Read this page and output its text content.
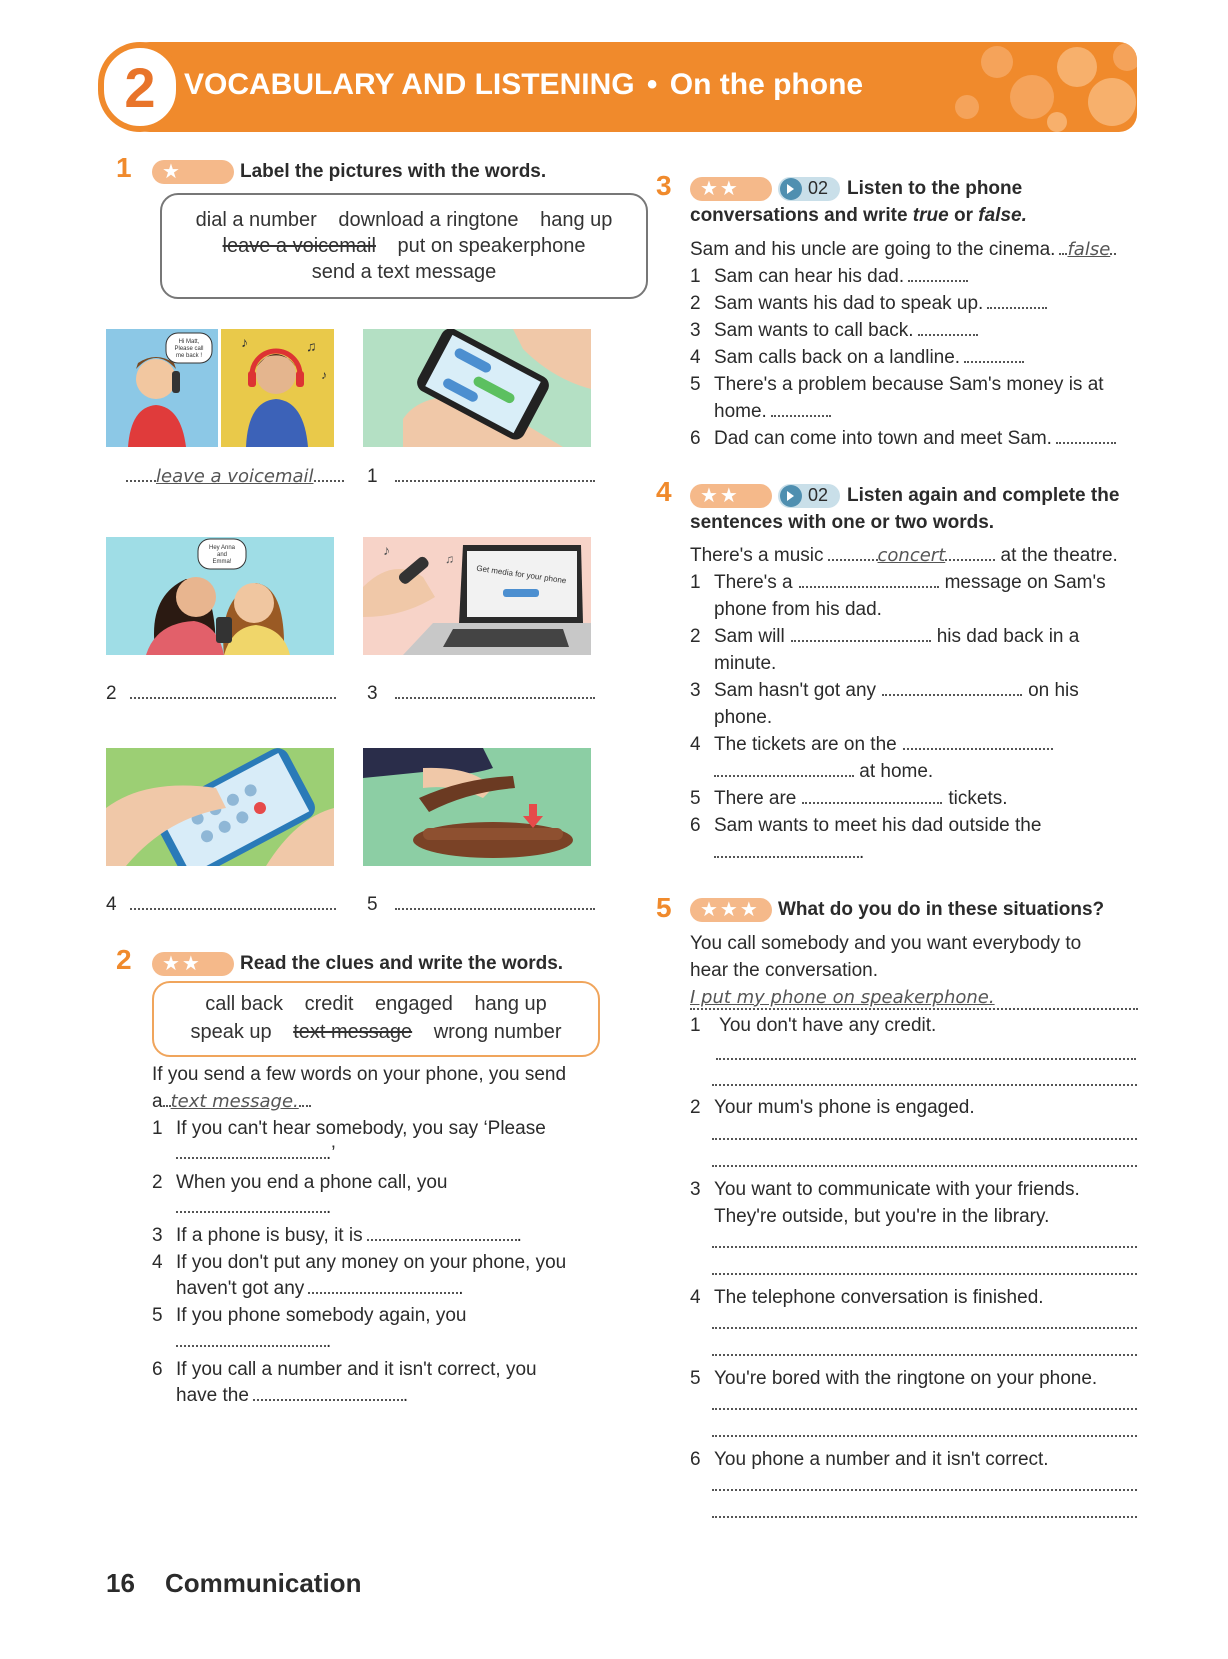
2 VOCABULARY AND LISTENING • On the phone
1	★	Label the pictures with the words.
dial a number download a ringtone hang up
leave a voicemail put on speakerphone
send a text message
♪	♫
♪
Hi Matt,
Please call
me back !
leave a voicemail	1
Hey Anna
and
Emma!
2
Get media for your phone
♪
♫
3
4	5
2	★★	Read the clues and write the words.
call back credit engaged hang up
speak up text message wrong number
If you send a few words on your phone, you send
a text message.
1 If you can't hear somebody, you say ‘Please
.’
2 When you end a phone call, you
.
3 If a phone is busy, it is	.
4 If you don't put any money on your phone, you
haven't got any	.
5 If you phone somebody again, you
.
6 If you call a number and it isn't correct, you
have the	.
3	★★	02 Listen to the phone
conversations and write true or false.
Sam and his uncle are going to the cinema. false
1 Sam can hear his dad.
2 Sam wants his dad to speak up.
3 Sam wants to call back.
4 Sam calls back on a landline.
5 There's a problem because Sam's money is at
home.
6 Dad can come into town and meet Sam.
4	★★	02 Listen again and complete the
sentences with one or two words.
There's a music	concert	at the theatre.
1 There's a	message on Sam's
phone from his dad.
2 Sam will	his dad back in a
minute.
3 Sam hasn't got any	on his
phone.
4 The tickets are on the
at home.
5 There are	tickets.
6 Sam wants to meet his dad outside the
.
5	★★★ What do you do in these situations?
You call somebody and you want everybody to
hear the conversation.
I put my phone on speakerphone.
1 You don't have any credit.
2 Your mum's phone is engaged.
3 You want to communicate with your friends.
They're outside, but you're in the library.
4 The telephone conversation is finished.
5 You're bored with the ringtone on your phone.
6 You phone a number and it isn't correct.
16 Communication
